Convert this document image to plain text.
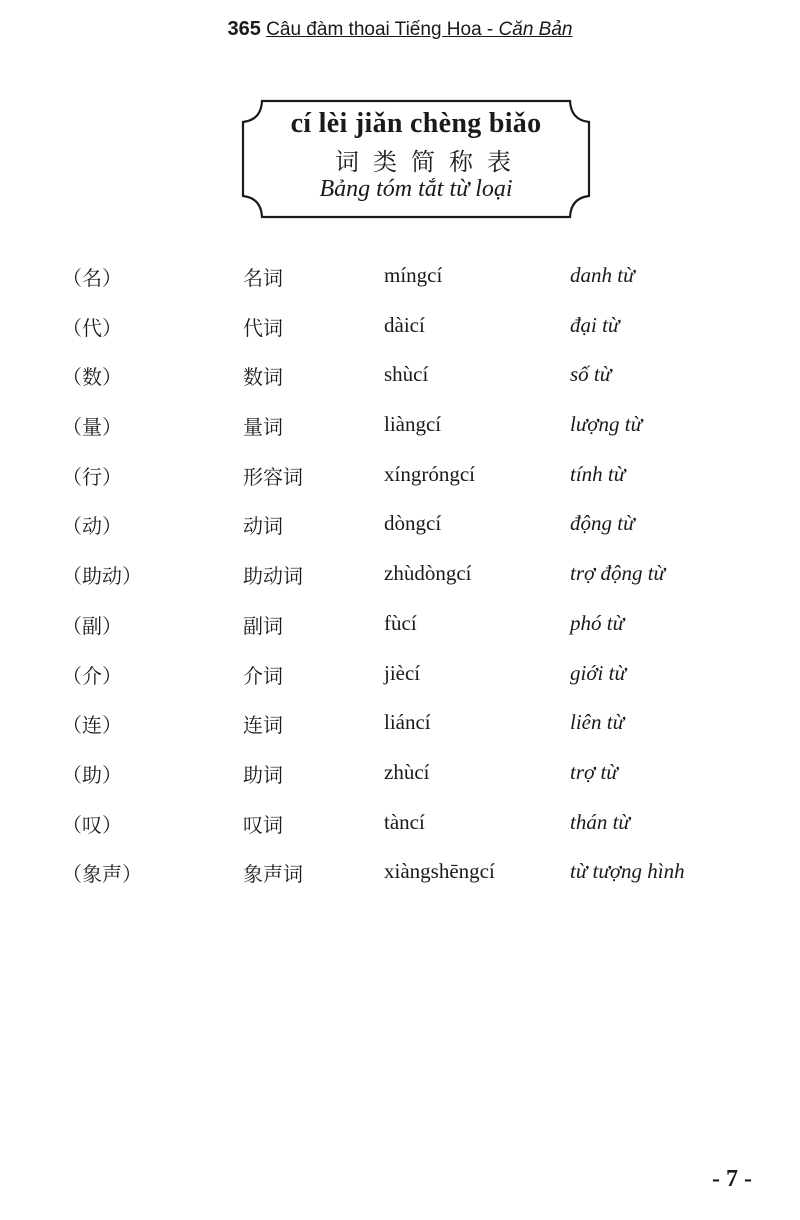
365 Câu đàm thoai Tiếng Hoa - Căn Bản
cí lèi jiǎn chèng biǎo
词类简称表
Bảng tóm tắt từ loại
（名）	名词	míngcí	danh từ
（代）	代词	dàicí	đại từ
（数）	数词	shùcí	số từ
（量）	量词	liàngcí	lượng từ
（行）	形容词	xíngróngcí	tính từ
（动）	动词	dòngcí	động từ
（助动）	助动词	zhùdòngcí	trợ động từ
（副）	副词	fùcí	phó từ
（介）	介词	jiècí	giới từ
（连）	连词	liáncí	liên từ
（助）	助词	zhùcí	trợ từ
（叹）	叹词	tàncí	thán từ
（象声）	象声词	xiàngshēngcí	từ tượng hình
- 7 -
